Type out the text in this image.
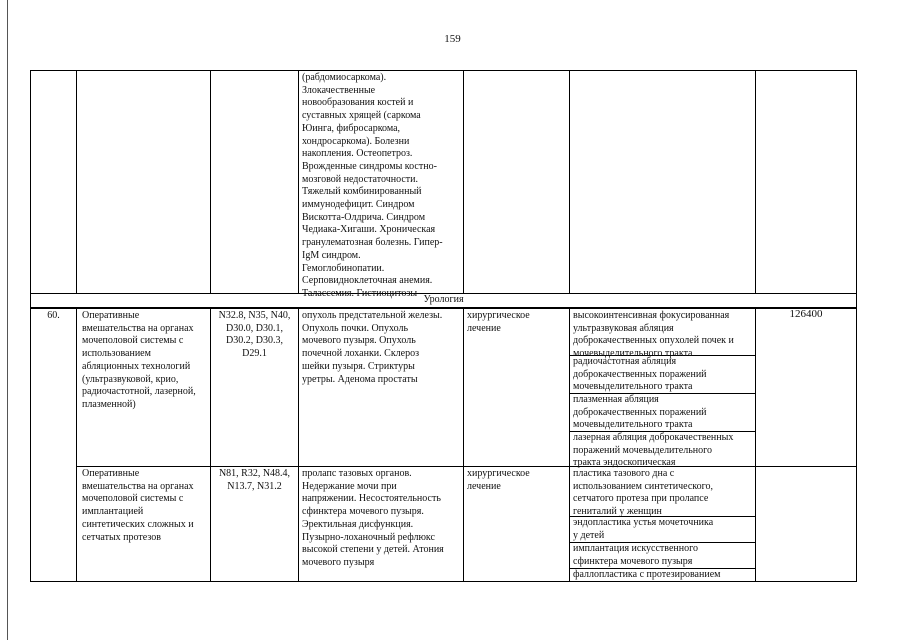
159
(рабдомиосаркома).
Злокачественные
новообразования костей и
суставных хрящей (саркома
Юинга, фибросаркома,
хондросаркома). Болезни
накопления. Остеопетроз.
Врожденные синдромы костно-
мозговой недостаточности.
Тяжелый комбинированный
иммунодефицит. Синдром
Вискотта-Олдрича. Синдром
Чедиака-Хигаши. Хроническая
гранулематозная болезнь. Гипер-
IgM синдром.
Гемоглобинопатии.
Серповидноклеточная анемия.
Талассемия. Гистиоцитозы
Урология
60.	Оперативные
вмешательства на органах
мочеполовой системы с
использованием
абляционных технологий
(ультразвуковой, крио,
радиочастотной, лазерной,
плазменной)
N32.8, N35, N40,
D30.0, D30.1,
D30.2, D30.3,
D29.1
опухоль предстательной железы.
Опухоль почки. Опухоль
мочевого пузыря. Опухоль
почечной лоханки. Склероз
шейки пузыря. Стриктуры
уретры. Аденома простаты
хирургическое
лечение
высокоинтенсивная фокусированная
ультразвуковая абляция
доброкачественных опухолей почек и
мочевыделительного тракта
радиочастотная абляция
доброкачественных поражений
мочевыделительного тракта
плазменная абляция
доброкачественных поражений
мочевыделительного тракта
лазерная абляция доброкачественных
поражений мочевыделительного
тракта эндоскопическая
126400
Оперативные
вмешательства на органах
мочеполовой системы с
имплантацией
синтетических сложных и
сетчатых протезов
N81, R32, N48.4,
N13.7, N31.2
пролапс тазовых органов.
Недержание мочи при
напряжении. Несостоятельность
сфинктера мочевого пузыря.
Эректильная дисфункция.
Пузырно-лоханочный рефлюкс
высокой степени у детей. Атония
мочевого пузыря
хирургическое
лечение
пластика тазового дна с
использованием синтетического,
сетчатого протеза при пролапсе
гениталий у женщин
эндопластика устья мочеточника
у детей
имплантация искусственного
сфинктера мочевого пузыря
фаллопластика с протезированием
